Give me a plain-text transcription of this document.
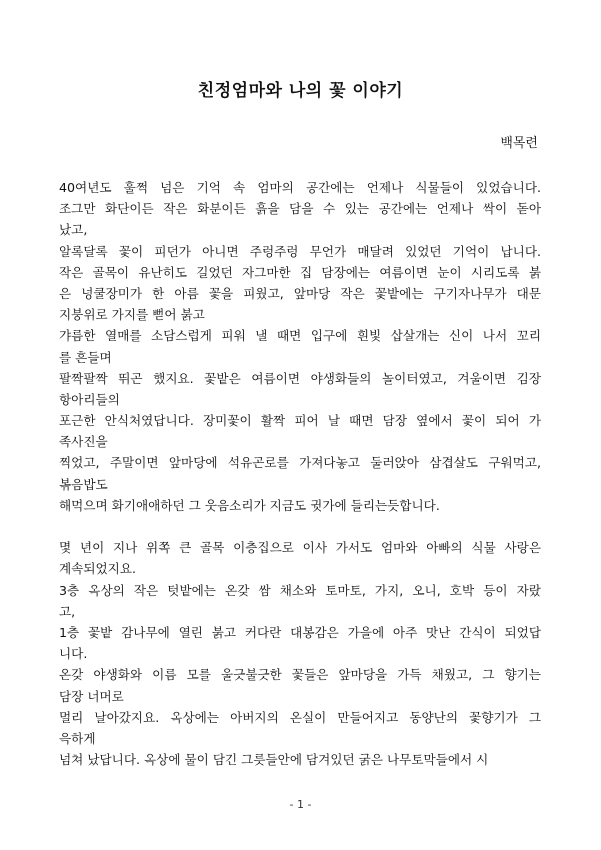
친정엄마와 나의 꽃 이야기
백목련
40여년도 훌쩍 넘은 기억 속 엄마의 공간에는 언제나 식물들이 있었습니다.
조그만 화단이든 작은 화분이든 흙을 담을 수 있는 공간에는 언제나 싹이 돋아
났고,
알록달록 꽃이 피던가 아니면 주렁주렁 무언가 매달려 있었던 기억이 납니다.
작은 골목이 유난히도 길었던 자그마한 집 담장에는 여름이면 눈이 시리도록 붉
은 넝쿨장미가 한 아름 꽃을 피웠고, 앞마당 작은 꽃밭에는 구기자나무가 대문
지붕위로 가지를 뻗어 붉고
갸름한 열매를 소담스럽게 피워 낼 때면 입구에 흰빛 삽살개는 신이 나서 꼬리
를 흔들며
팔짝팔짝 뛰곤 했지요. 꽃밭은 여름이면 야생화들의 놀이터였고, 겨울이면 김장
항아리들의
포근한 안식처였답니다. 장미꽃이 활짝 피어 날 때면 담장 옆에서 꽃이 되어 가
족사진을
찍었고, 주말이면 앞마당에 석유곤로를 가져다놓고 둘러앉아 삼겹살도 구워먹고,
볶음밥도
해먹으며 화기애애하던 그 웃음소리가 지금도 귓가에 들리는듯합니다.
몇 년이 지나 위쪽 큰 골목 이층집으로 이사 가서도 엄마와 아빠의 식물 사랑은
계속되었지요.
3층 옥상의 작은 텃밭에는 온갖 쌈 채소와 토마토, 가지, 오니, 호박 등이 자랐
고,
1층 꽃밭 감나무에 열린 붉고 커다란 대봉감은 가을에 아주 맛난 간식이 되었답
니다.
온갖 야생화와 이름 모를 울긋불긋한 꽃들은 앞마당을 가득 채웠고, 그 향기는
담장 너머로
멀리 날아갔지요. 옥상에는 아버지의 온실이 만들어지고 동양난의 꽃향기가 그
윽하게
넘쳐 났답니다. 옥상에 물이 담긴 그릇들안에 담겨있던 굵은 나무토막들에서 시
- 1 -
